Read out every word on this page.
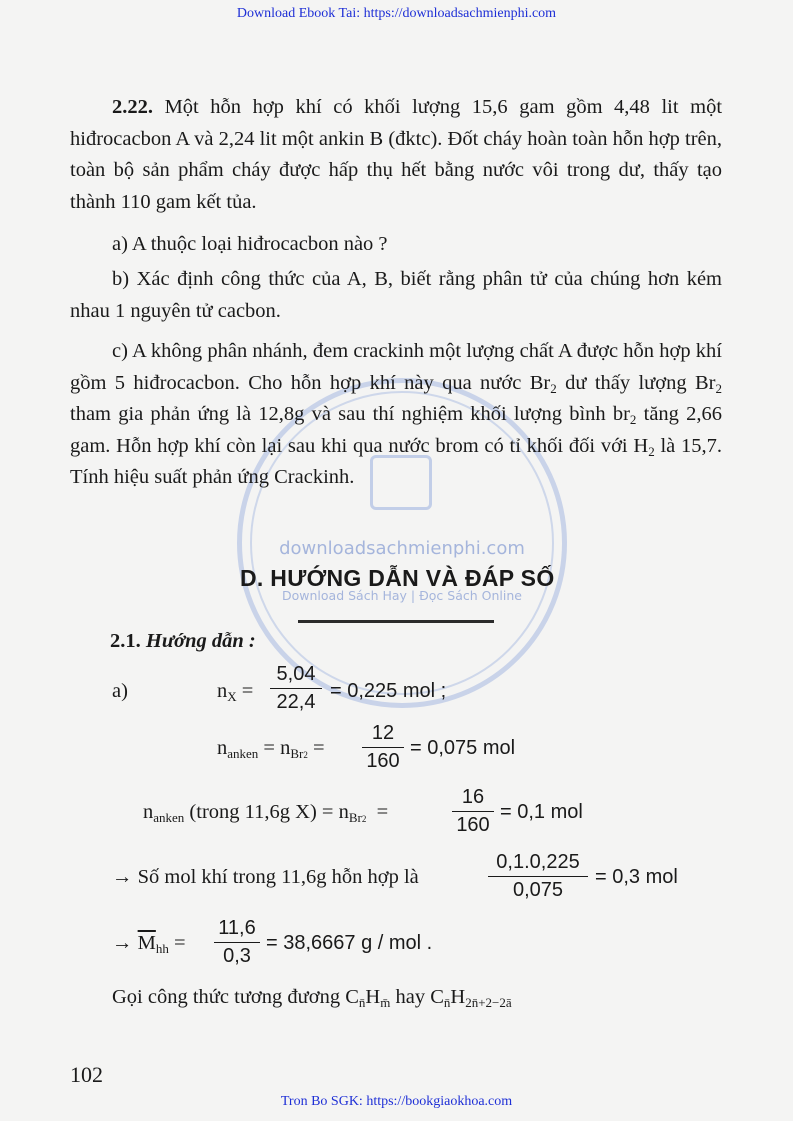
Download Ebook Tai: https://downloadsachmienphi.com
downloadsachmienphi.com
Download Sách Hay | Đọc Sách Online
2.22. Một hỗn hợp khí có khối lượng 15,6 gam gồm 4,48 lit một hiđrocacbon A và 2,24 lit một ankin B (đktc). Đốt cháy hoàn toàn hỗn hợp trên, toàn bộ sản phẩm cháy được hấp thụ hết bằng nước vôi trong dư, thấy tạo thành 110 gam kết tủa.
a) A thuộc loại hiđrocacbon nào ?
b) Xác định công thức của A, B, biết rằng phân tử của chúng hơn kém nhau 1 nguyên tử cacbon.
c) A không phân nhánh, đem crackinh một lượng chất A được hỗn hợp khí gồm 5 hiđrocacbon. Cho hỗn hợp khí này qua nước $Br_2$ dư thấy lượng $Br_2$ tham gia phản ứng là 12,8g và sau thí nghiệm khối lượng bình $br_2$ tăng 2,66 gam. Hỗn hợp khí còn lại sau khi qua nước brom có tỉ khối đối với $H_2$ là 15,7. Tính hiệu suất phản ứng Crackinh.
D. HƯỚNG DẪN VÀ ĐÁP SỐ
2.1. Hướng dẫn :
a)	$n_X = \frac{5,04}{22,4} = 0,225$ mol ;
$n_{anken} = n_{Br2} = \frac{12}{160} = 0,075$ mol
$n_{anken}$ (trong 11,6g $X) = n_{Br2}$  =	$\frac{16}{160} = 0,1$ mol
→ Số mol khí trong 11,6g hỗn hợp là	$\frac{0,1.0,225}{0,075} = 0,3$ mol
→ $\overline{M}_{hh} = \frac{11,6}{0,3} = 38,6667$ g / mol .
Gọi công thức tương đương $C_{n̄}H_{m̄}$ hay $C_{n̄}H_{2n̄+2-2ā}$
102
Tron Bo SGK: https://bookgiaokhoa.com
